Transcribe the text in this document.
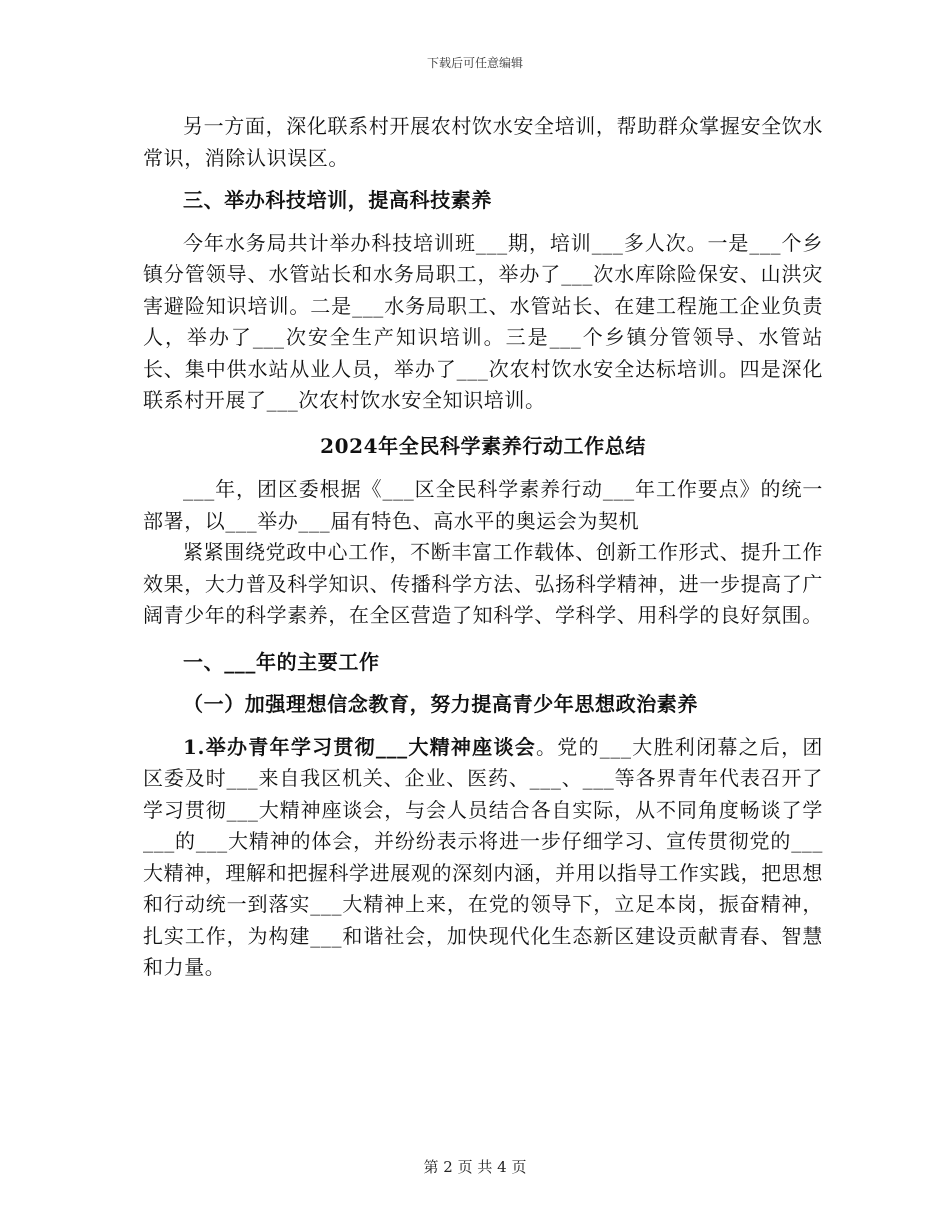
下载后可任意编辑

另一方面，深化联系村开展农村饮水安全培训，帮助群众掌握安全饮水常识，消除认识误区。

三、举办科技培训，提高科技素养

今年水务局共计举办科技培训班___期，培训___多人次。一是___个乡镇分管领导、水管站长和水务局职工，举办了___次水库除险保安、山洪灾害避险知识培训。二是___水务局职工、水管站长、在建工程施工企业负责人，举办了___次安全生产知识培训。三是___个乡镇分管领导、水管站长、集中供水站从业人员，举办了___次农村饮水安全达标培训。四是深化联系村开展了___次农村饮水安全知识培训。

2024年全民科学素养行动工作总结

___年，团区委根据《___区全民科学素养行动___年工作要点》的统一部署，以___举办___届有特色、高水平的奥运会为契机

紧紧围绕党政中心工作，不断丰富工作载体、创新工作形式、提升工作效果，大力普及科学知识、传播科学方法、弘扬科学精神，进一步提高了广阔青少年的科学素养，在全区营造了知科学、学科学、用科学的良好氛围。

一、___年的主要工作

（一）加强理想信念教育，努力提高青少年思想政治素养

1.举办青年学习贯彻___大精神座谈会。党的___大胜利闭幕之后，团区委及时___来自我区机关、企业、医药、___、___等各界青年代表召开了学习贯彻___大精神座谈会，与会人员结合各自实际，从不同角度畅谈了学___的___大精神的体会，并纷纷表示将进一步仔细学习、宣传贯彻党的___大精神，理解和把握科学进展观的深刻内涵，并用以指导工作实践，把思想和行动统一到落实___大精神上来，在党的领导下，立足本岗，振奋精神，扎实工作，为构建___和谐社会，加快现代化生态新区建设贡献青春、智慧和力量。

第 2 页 共 4 页
